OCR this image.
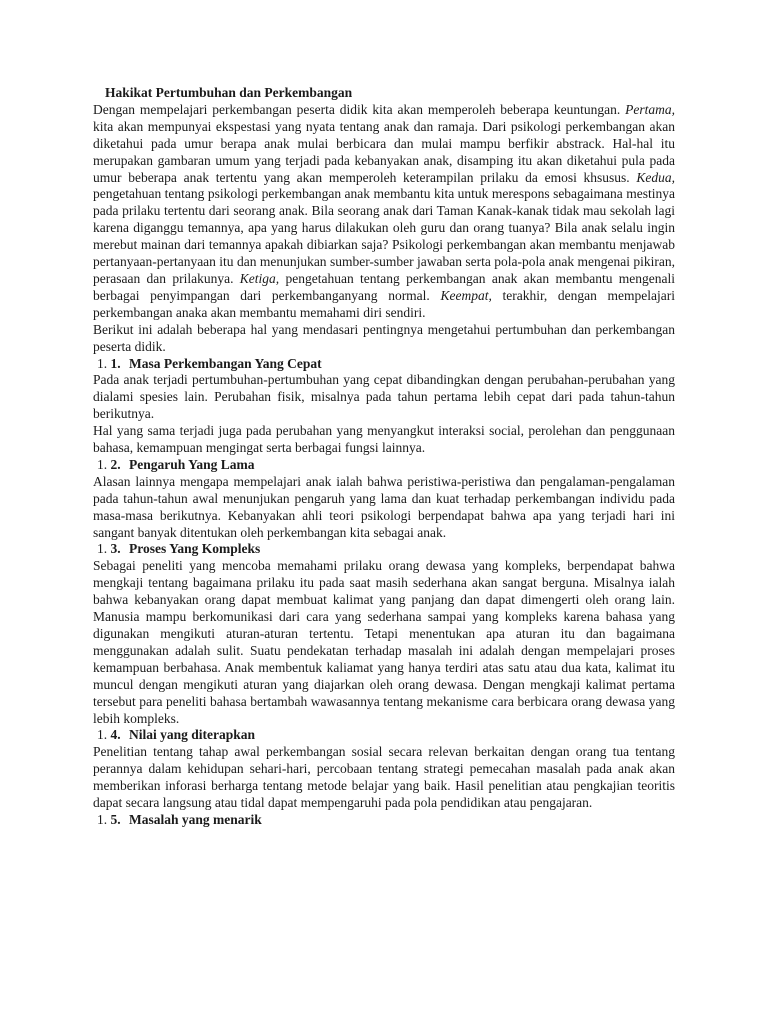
Hakikat Pertumbuhan dan Perkembangan

Dengan mempelajari perkembangan peserta didik kita akan memperoleh beberapa keuntungan. Pertama, kita akan mempunyai ekspestasi yang nyata tentang anak dan ramaja. Dari psikologi perkembangan akan diketahui pada umur berapa anak mulai berbicara dan mulai mampu berfikir abstrack. Hal-hal itu merupakan gambaran umum yang terjadi pada kebanyakan anak, disamping itu akan diketahui pula pada umur beberapa anak tertentu yang akan memperoleh keterampilan prilaku da emosi khsusus. Kedua, pengetahuan tentang psikologi perkembangan anak membantu kita untuk merespons sebagaimana mestinya pada prilaku tertentu dari seorang anak. Bila seorang anak dari Taman Kanak-kanak tidak mau sekolah lagi karena diganggu temannya, apa yang harus dilakukan oleh guru dan orang tuanya? Bila anak selalu ingin merebut mainan dari temannya apakah dibiarkan saja? Psikologi perkembangan akan membantu menjawab pertanyaan-pertanyaan itu dan menunjukan sumber-sumber jawaban serta pola-pola anak mengenai pikiran, perasaan dan prilakunya. Ketiga, pengetahuan tentang perkembangan anak akan membantu mengenali berbagai penyimpangan dari perkembanganyang normal. Keempat, terakhir, dengan mempelajari perkembangan anaka akan membantu memahami diri sendiri.

Berikut ini adalah beberapa hal yang mendasari pentingnya mengetahui pertumbuhan dan perkembangan peserta didik.

1. 1. Masa Perkembangan Yang Cepat

Pada anak terjadi pertumbuhan-pertumbuhan yang cepat dibandingkan dengan perubahan-perubahan yang dialami spesies lain. Perubahan fisik, misalnya pada tahun pertama lebih cepat dari pada tahun-tahun berikutnya.

Hal yang sama terjadi juga pada perubahan yang menyangkut interaksi social, perolehan dan penggunaan bahasa, kemampuan mengingat serta berbagai fungsi lainnya.

1. 2. Pengaruh Yang Lama

Alasan lainnya mengapa mempelajari anak ialah bahwa peristiwa-peristiwa dan pengalaman-pengalaman pada tahun-tahun awal menunjukan pengaruh yang lama dan kuat terhadap perkembangan individu pada masa-masa berikutnya. Kebanyakan ahli teori psikologi berpendapat bahwa apa yang terjadi hari ini sangant banyak ditentukan oleh perkembangan kita sebagai anak.

1. 3. Proses Yang Kompleks

Sebagai peneliti yang mencoba memahami prilaku orang dewasa yang kompleks, berpendapat bahwa mengkaji tentang bagaimana prilaku itu pada saat masih sederhana akan sangat berguna. Misalnya ialah bahwa kebanyakan orang dapat membuat kalimat yang panjang dan dapat dimengerti oleh orang lain. Manusia mampu berkomunikasi dari cara yang sederhana sampai yang kompleks karena bahasa yang digunakan mengikuti aturan-aturan tertentu. Tetapi menentukan apa aturan itu dan bagaimana menggunakan adalah sulit. Suatu pendekatan terhadap masalah ini adalah dengan mempelajari proses kemampuan berbahasa. Anak membentuk kaliamat yang hanya terdiri atas satu atau dua kata, kalimat itu muncul dengan mengikuti aturan yang diajarkan oleh orang dewasa. Dengan mengkaji kalimat pertama tersebut para peneliti bahasa bertambah wawasannya tentang mekanisme cara berbicara orang dewasa yang lebih kompleks.

1. 4. Nilai yang diterapkan

Penelitian tentang tahap awal perkembangan sosial secara relevan berkaitan dengan orang tua tentang perannya dalam kehidupan sehari-hari, percobaan tentang strategi pemecahan masalah pada anak akan memberikan inforasi berharga tentang metode belajar yang baik. Hasil penelitian atau pengkajian teoritis dapat secara langsung atau tidal dapat mempengaruhi pada pola pendidikan atau pengajaran.

1. 5. Masalah yang menarik
